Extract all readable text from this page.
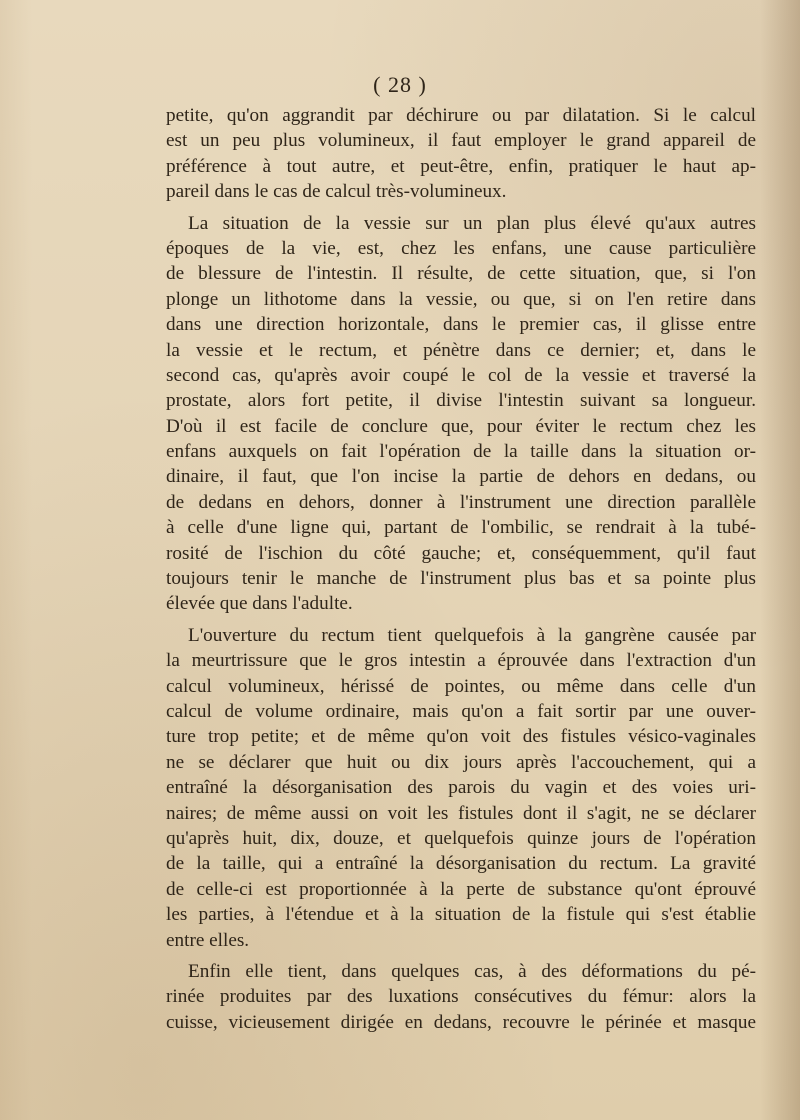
( 28 )
petite, qu'on aggrandit par déchirure ou par dilatation. Si le calcul
est un peu plus volumineux, il faut employer le grand appareil de
préférence à tout autre, et peut-être, enfin, pratiquer le haut ap-
pareil dans le cas de calcul très-volumineux.
La situation de la vessie sur un plan plus élevé qu'aux autres
époques de la vie, est, chez les enfans, une cause particulière
de blessure de l'intestin. Il résulte, de cette situation, que, si l'on
plonge un lithotome dans la vessie, ou que, si on l'en retire dans
dans une direction horizontale, dans le premier cas, il glisse entre
la vessie et le rectum, et pénètre dans ce dernier; et, dans le
second cas, qu'après avoir coupé le col de la vessie et traversé la
prostate, alors fort petite, il divise l'intestin suivant sa longueur.
D'où il est facile de conclure que, pour éviter le rectum chez les
enfans auxquels on fait l'opération de la taille dans la situation or-
dinaire, il faut, que l'on incise la partie de dehors en dedans, ou
de dedans en dehors, donner à l'instrument une direction parallèle
à celle d'une ligne qui, partant de l'ombilic, se rendrait à la tubé-
rosité de l'ischion du côté gauche; et, conséquemment, qu'il faut
toujours tenir le manche de l'instrument plus bas et sa pointe plus
élevée que dans l'adulte.
L'ouverture du rectum tient quelquefois à la gangrène causée par
la meurtrissure que le gros intestin a éprouvée dans l'extraction d'un
calcul volumineux, hérissé de pointes, ou même dans celle d'un
calcul de volume ordinaire, mais qu'on a fait sortir par une ouver-
ture trop petite; et de même qu'on voit des fistules vésico-vaginales
ne se déclarer que huit ou dix jours après l'accouchement, qui a
entraîné la désorganisation des parois du vagin et des voies uri-
naires; de même aussi on voit les fistules dont il s'agit, ne se déclarer
qu'après huit, dix, douze, et quelquefois quinze jours de l'opération
de la taille, qui a entraîné la désorganisation du rectum. La gravité
de celle-ci est proportionnée à la perte de substance qu'ont éprouvé
les parties, à l'étendue et à la situation de la fistule qui s'est établie
entre elles.
Enfin elle tient, dans quelques cas, à des déformations du pé-
rinée produites par des luxations consécutives du fémur: alors la
cuisse, vicieusement dirigée en dedans, recouvre le périnée et masque
